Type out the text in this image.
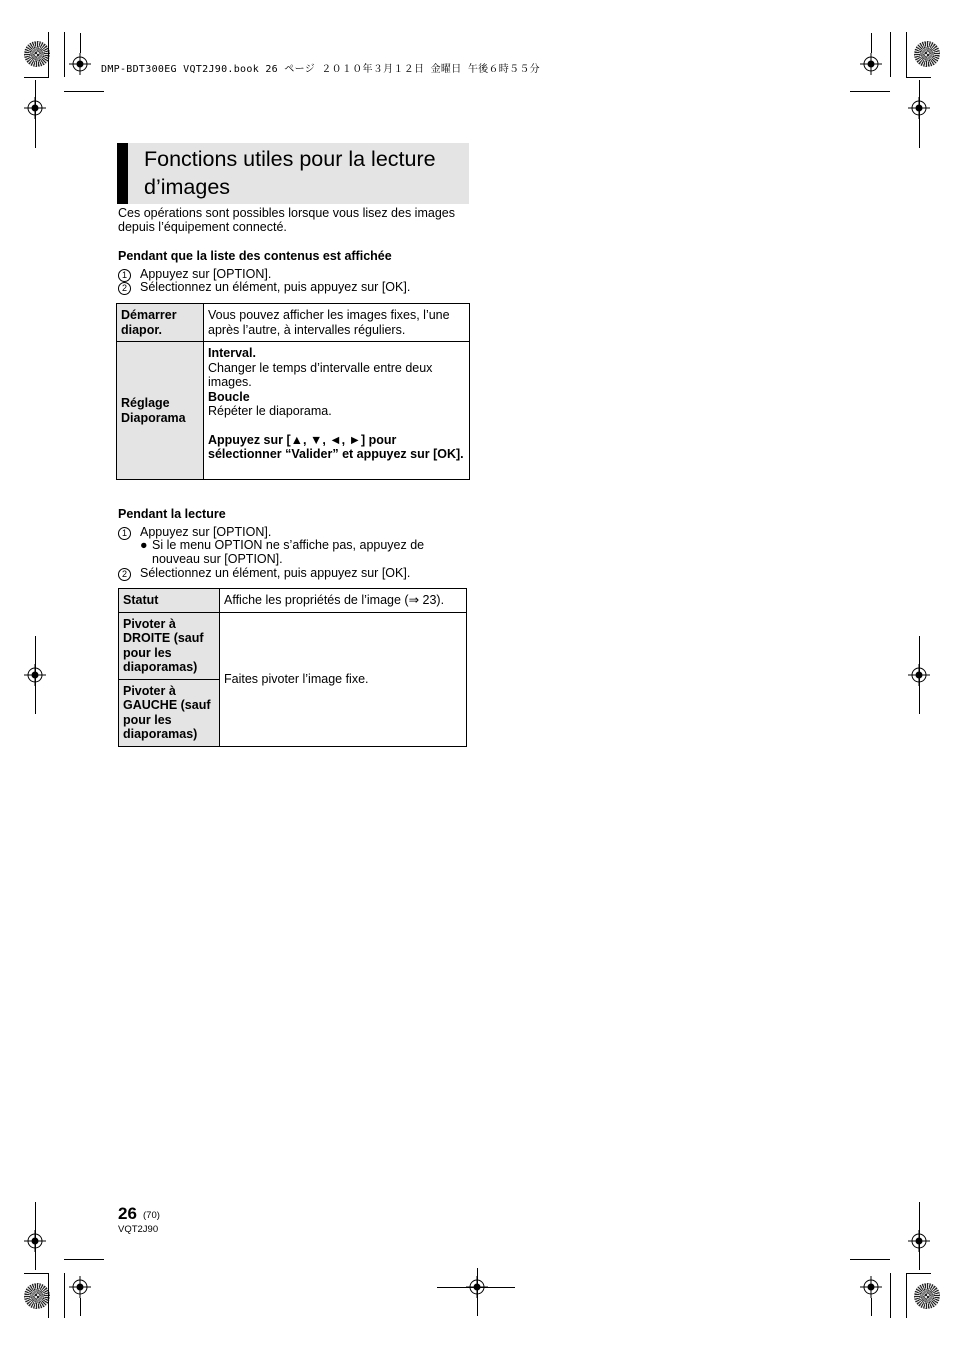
DMP-BDT300EG VQT2J90.book 26 ページ ２０１０年３月１２日 金曜日 午後６時５５分
Fonctions utiles pour la lecture
d’images
Ces opérations sont possibles lorsque vous lisez des images depuis l’équipement connecté.
Pendant que la liste des contenus est affichée
1 Appuyez sur [OPTION].
2 Sélectionnez un élément, puis appuyez sur [OK].
Démarrer diapor.	Vous pouvez afficher les images fixes, l’une après l’autre, à intervalles réguliers.

Réglage Diaporama	Interval.
Changer le temps d’intervalle entre deux images.
Boucle
Répéter le diaporama.
Appuyez sur [▲, ▼, ◄, ►] pour sélectionner “Valider” et appuyez sur [OK].
Pendant la lecture
1 Appuyez sur [OPTION].
● Si le menu OPTION ne s’affiche pas, appuyez de nouveau sur [OPTION].
2 Sélectionnez un élément, puis appuyez sur [OK].
Statut	Affiche les propriétés de l’image (⇒ 23).

Pivoter à DROITE (sauf pour les diaporamas)	Faites pivoter l’image fixe.

Pivoter à GAUCHE (sauf pour les diaporamas)	
26 (70)
VQT2J90
